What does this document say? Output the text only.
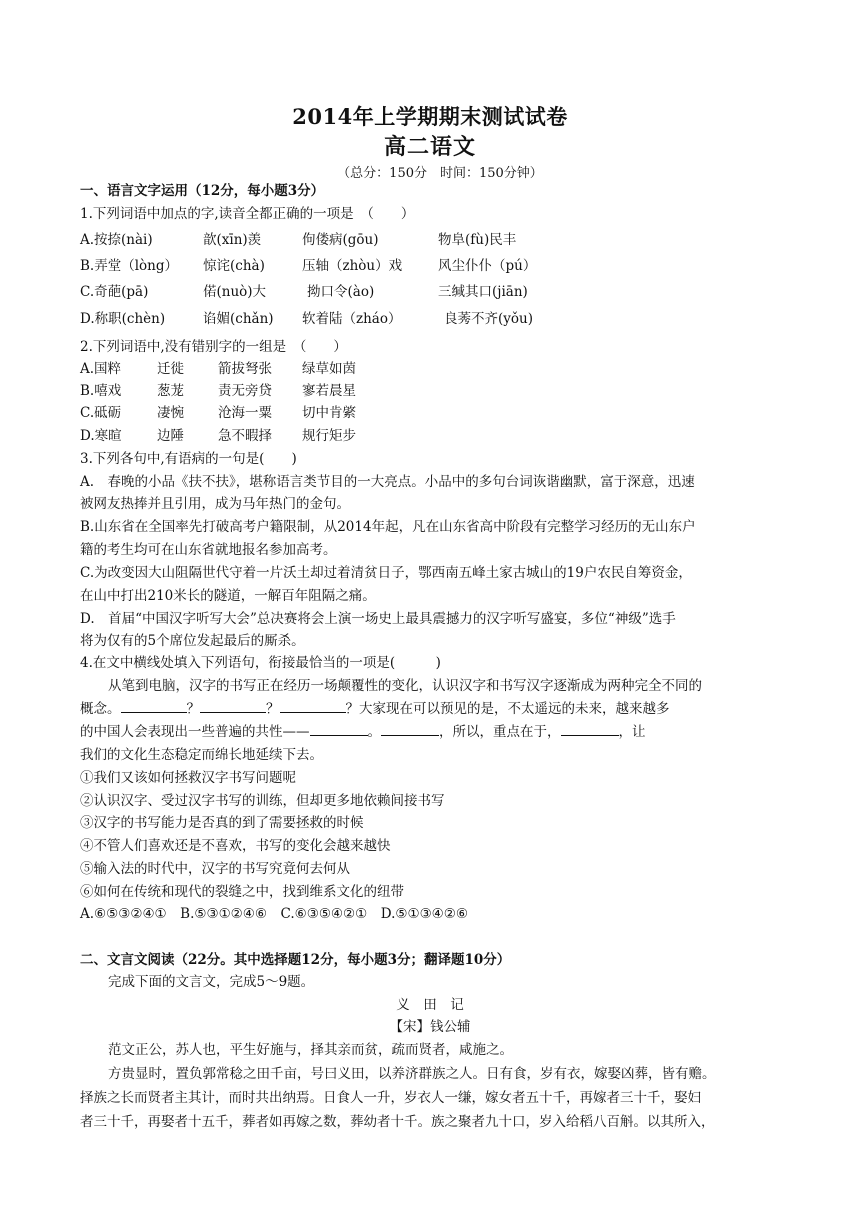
2014年上学期期末测试试卷
高二语文
（总分：150分　时间：150分钟）
一、语言文字运用（12分，每小题3分）
1.下列词语中加点的字,读音全都正确的一项是　（　　）
A.按捺(nài)	歆(xīn)羡	佝偻病(gōu)	物阜(fù)民丰
B.弄堂（lòng） 惊诧(chà)	压轴（zhòu）戏	风尘仆仆（pú）
C.奇葩(pā)	偌(nuò)大	拗口令(ào)	三缄其口(jiān)
D.称职(chèn)	谄媚(chǎn) 软着陆（zháo）	良莠不齐(yǒu)
2.下列词语中,没有错别字的一组是　（　　）
A.国粹	迁徙	箭拔弩张 绿草如茵
B.嘻戏	葱茏	责无旁贷 寥若晨星
C.砥砺	凄惋	沧海一粟 切中肯綮
D.寒暄	边陲	急不暇择 规行矩步
3.下列各句中,有语病的一句是(　　)
A.　春晚的小品《扶不扶》，堪称语言类节目的一大亮点。小品中的多句台词诙谐幽默，富于深意，迅速
被网友热捧并且引用，成为马年热门的金句。
B.山东省在全国率先打破高考户籍限制，从2014年起，凡在山东省高中阶段有完整学习经历的无山东户
籍的考生均可在山东省就地报名参加高考。
C.为改变因大山阻隔世代守着一片沃土却过着清贫日子，鄂西南五峰土家古城山的19户农民自筹资金，
在山中打出210米长的隧道，一解百年阻隔之痛。
D.　首届“中国汉字听写大会”总决赛将会上演一场史上最具震撼力的汉字听写盛宴，多位“神级”选手
将为仅有的5个席位发起最后的厮杀。
4.在文中横线处填入下列语句，衔接最恰当的一项是(　　　)
从笔到电脑，汉字的书写正在经历一场颠覆性的变化，认识汉字和书写汉字逐渐成为两种完全不同的
概念。	？	？	？大家现在可以预见的是，不太遥远的未来，越来越多
的中国人会表现出一些普遍的共性——	。	，所以，重点在于，	，让
我们的文化生态稳定而绵长地延续下去。
①我们又该如何拯救汉字书写问题呢
②认识汉字、受过汉字书写的训练，但却更多地依赖间接书写
③汉字的书写能力是否真的到了需要拯救的时候
④不管人们喜欢还是不喜欢，书写的变化会越来越快
⑤输入法的时代中，汉字的书写究竟何去何从
⑥如何在传统和现代的裂缝之中，找到维系文化的纽带
A.⑥⑤③②④①　B.⑤③①②④⑥　C.⑥③⑤④②①　D.⑤①③④②⑥
二、文言文阅读（22分。其中选择题12分，每小题3分；翻译题10分）
完成下面的文言文，完成5～9题。
义　田　记
【宋】钱公辅
范文正公，苏人也，平生好施与，择其亲而贫，疏而贤者，咸施之。
方贵显时，置负郭常稔之田千亩，号曰义田，以养济群族之人。日有食，岁有衣，嫁娶凶葬，皆有赡。
择族之长而贤者主其计，而时共出纳焉。日食人一升，岁衣人一缣，嫁女者五十千，再嫁者三十千，娶妇
者三十千，再娶者十五千，葬者如再嫁之数，葬幼者十千。族之聚者九十口，岁入给稻八百斛。以其所入，
